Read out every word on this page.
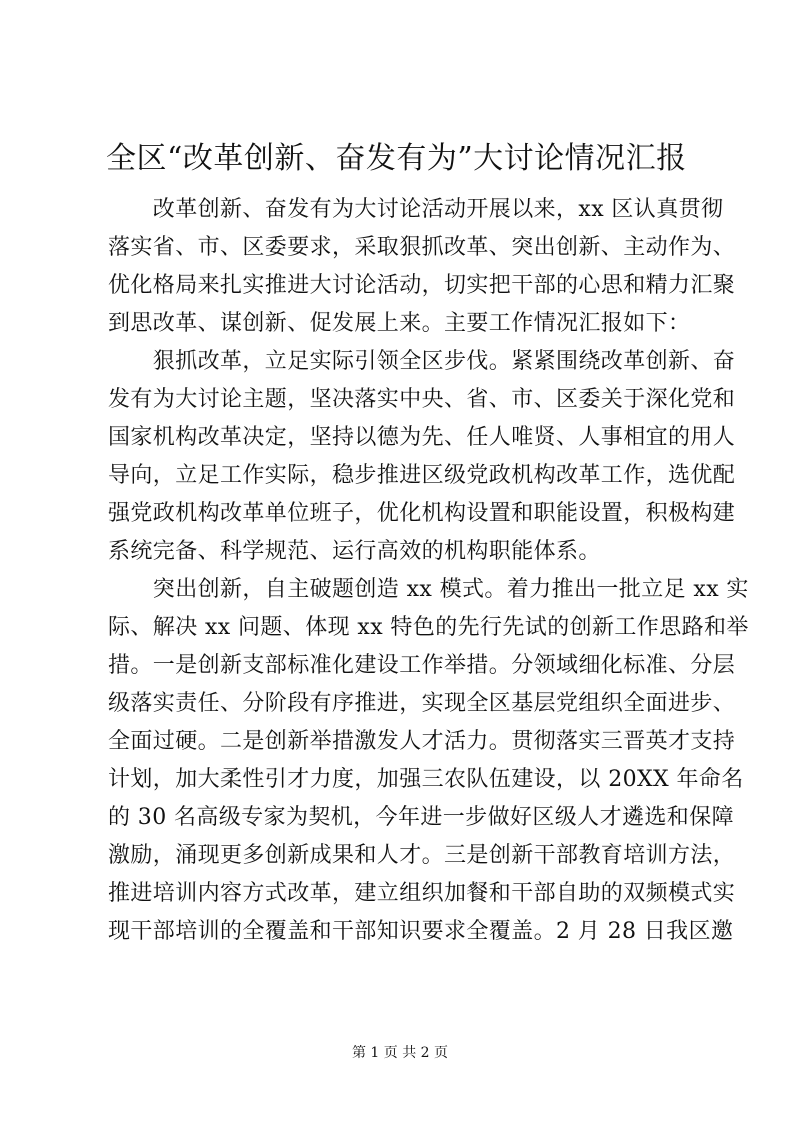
全区“改革创新、奋发有为”大讨论情况汇报

　　改革创新、奋发有为大讨论活动开展以来，xx 区认真贯彻

落实省、市、区委要求，采取狠抓改革、突出创新、主动作为、

优化格局来扎实推进大讨论活动，切实把干部的心思和精力汇聚

到思改革、谋创新、促发展上来。主要工作情况汇报如下：

　　狠抓改革，立足实际引领全区步伐。紧紧围绕改革创新、奋

发有为大讨论主题，坚决落实中央、省、市、区委关于深化党和

国家机构改革决定，坚持以德为先、任人唯贤、人事相宜的用人

导向，立足工作实际，稳步推进区级党政机构改革工作，选优配

强党政机构改革单位班子，优化机构设置和职能设置，积极构建

系统完备、科学规范、运行高效的机构职能体系。

　　突出创新，自主破题创造 xx 模式。着力推出一批立足 xx 实

际、解决 xx 问题、体现 xx 特色的先行先试的创新工作思路和举

措。一是创新支部标准化建设工作举措。分领域细化标准、分层

级落实责任、分阶段有序推进，实现全区基层党组织全面进步、

全面过硬。二是创新举措激发人才活力。贯彻落实三晋英才支持

计划，加大柔性引才力度，加强三农队伍建设，以 20XX 年命名

的 30 名高级专家为契机，今年进一步做好区级人才遴选和保障

激励，涌现更多创新成果和人才。三是创新干部教育培训方法，

推进培训内容方式改革，建立组织加餐和干部自助的双频模式实

现干部培训的全覆盖和干部知识要求全覆盖。2 月 28 日我区邀

第 1 页 共 2 页
